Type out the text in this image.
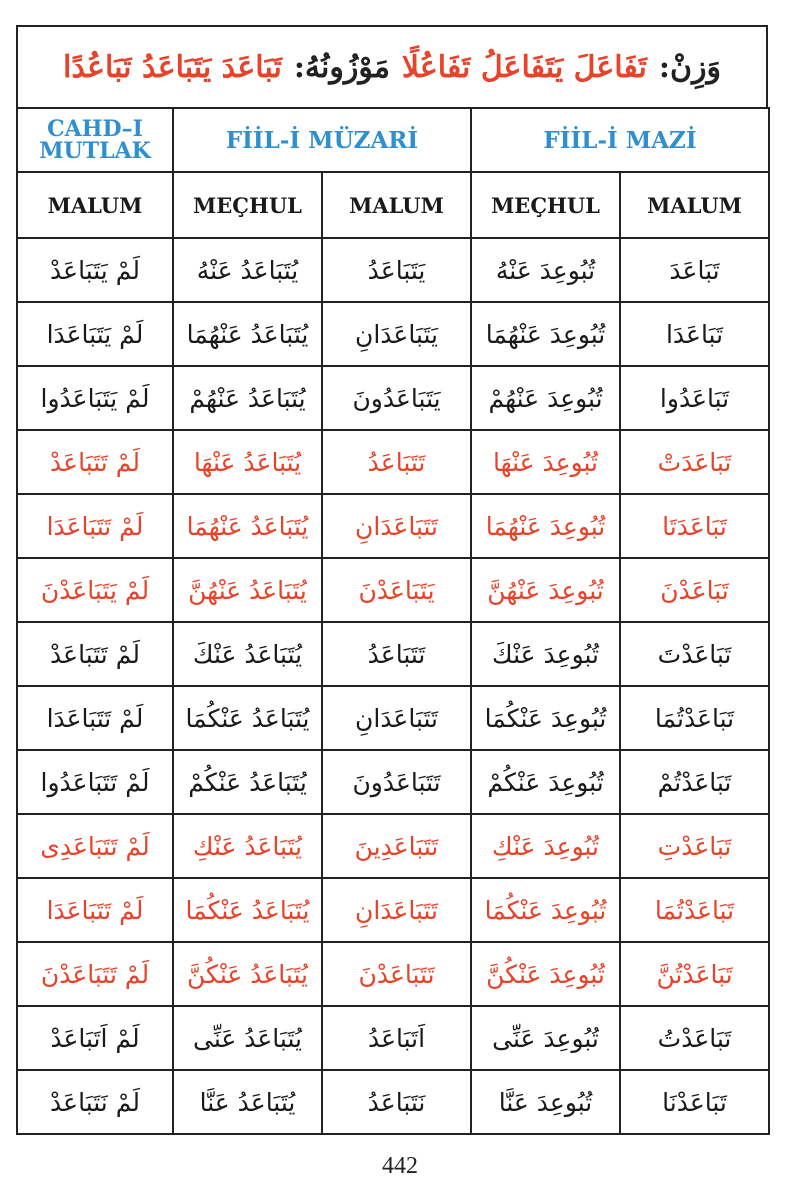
وَزِنْ:
تَفَاعَلَ يَتَفَاعَلُ تَفَاعُلًا
مَوْزُونُهُ:
تَبَاعَدَ يَتَبَاعَدُ تَبَاعُدًا
CAHD–I MUTLAK	FİİL-İ MÜZARİ		FİİL-İ MAZİ	
MALUM	MEÇHUL	MALUM	MEÇHUL	MALUM
لَمْ يَتَبَاعَدْ	يُتَبَاعَدُ عَنْهُ	يَتَبَاعَدُ	تُبُوعِدَ عَنْهُ	تَبَاعَدَ
لَمْ يَتَبَاعَدَا	يُتَبَاعَدُ عَنْهُمَا	يَتَبَاعَدَانِ	تُبُوعِدَ عَنْهُمَا	تَبَاعَدَا
لَمْ يَتَبَاعَدُوا	يُتَبَاعَدُ عَنْهُمْ	يَتَبَاعَدُونَ	تُبُوعِدَ عَنْهُمْ	تَبَاعَدُوا
لَمْ تَتَبَاعَدْ	يُتَبَاعَدُ عَنْهَا	تَتَبَاعَدُ	تُبُوعِدَ عَنْهَا	تَبَاعَدَتْ
لَمْ تَتَبَاعَدَا	يُتَبَاعَدُ عَنْهُمَا	تَتَبَاعَدَانِ	تُبُوعِدَ عَنْهُمَا	تَبَاعَدَتَا
لَمْ يَتَبَاعَدْنَ	يُتَبَاعَدُ عَنْهُنَّ	يَتَبَاعَدْنَ	تُبُوعِدَ عَنْهُنَّ	تَبَاعَدْنَ
لَمْ تَتَبَاعَدْ	يُتَبَاعَدُ عَنْكَ	تَتَبَاعَدُ	تُبُوعِدَ عَنْكَ	تَبَاعَدْتَ
لَمْ تَتَبَاعَدَا	يُتَبَاعَدُ عَنْكُمَا	تَتَبَاعَدَانِ	تُبُوعِدَ عَنْكُمَا	تَبَاعَدْتُمَا
لَمْ تَتَبَاعَدُوا	يُتَبَاعَدُ عَنْكُمْ	تَتَبَاعَدُونَ	تُبُوعِدَ عَنْكُمْ	تَبَاعَدْتُمْ
لَمْ تَتَبَاعَدِى	يُتَبَاعَدُ عَنْكِ	تَتَبَاعَدِينَ	تُبُوعِدَ عَنْكِ	تَبَاعَدْتِ
لَمْ تَتَبَاعَدَا	يُتَبَاعَدُ عَنْكُمَا	تَتَبَاعَدَانِ	تُبُوعِدَ عَنْكُمَا	تَبَاعَدْتُمَا
لَمْ تَتَبَاعَدْنَ	يُتَبَاعَدُ عَنْكُنَّ	تَتَبَاعَدْنَ	تُبُوعِدَ عَنْكُنَّ	تَبَاعَدْتُنَّ
لَمْ اَتَبَاعَدْ	يُتَبَاعَدُ عَنِّى	اَتَبَاعَدُ	تُبُوعِدَ عَنِّى	تَبَاعَدْتُ
لَمْ نَتَبَاعَدْ	يُتَبَاعَدُ عَنَّا	نَتَبَاعَدُ	تُبُوعِدَ عَنَّا	تَبَاعَدْنَا
442
